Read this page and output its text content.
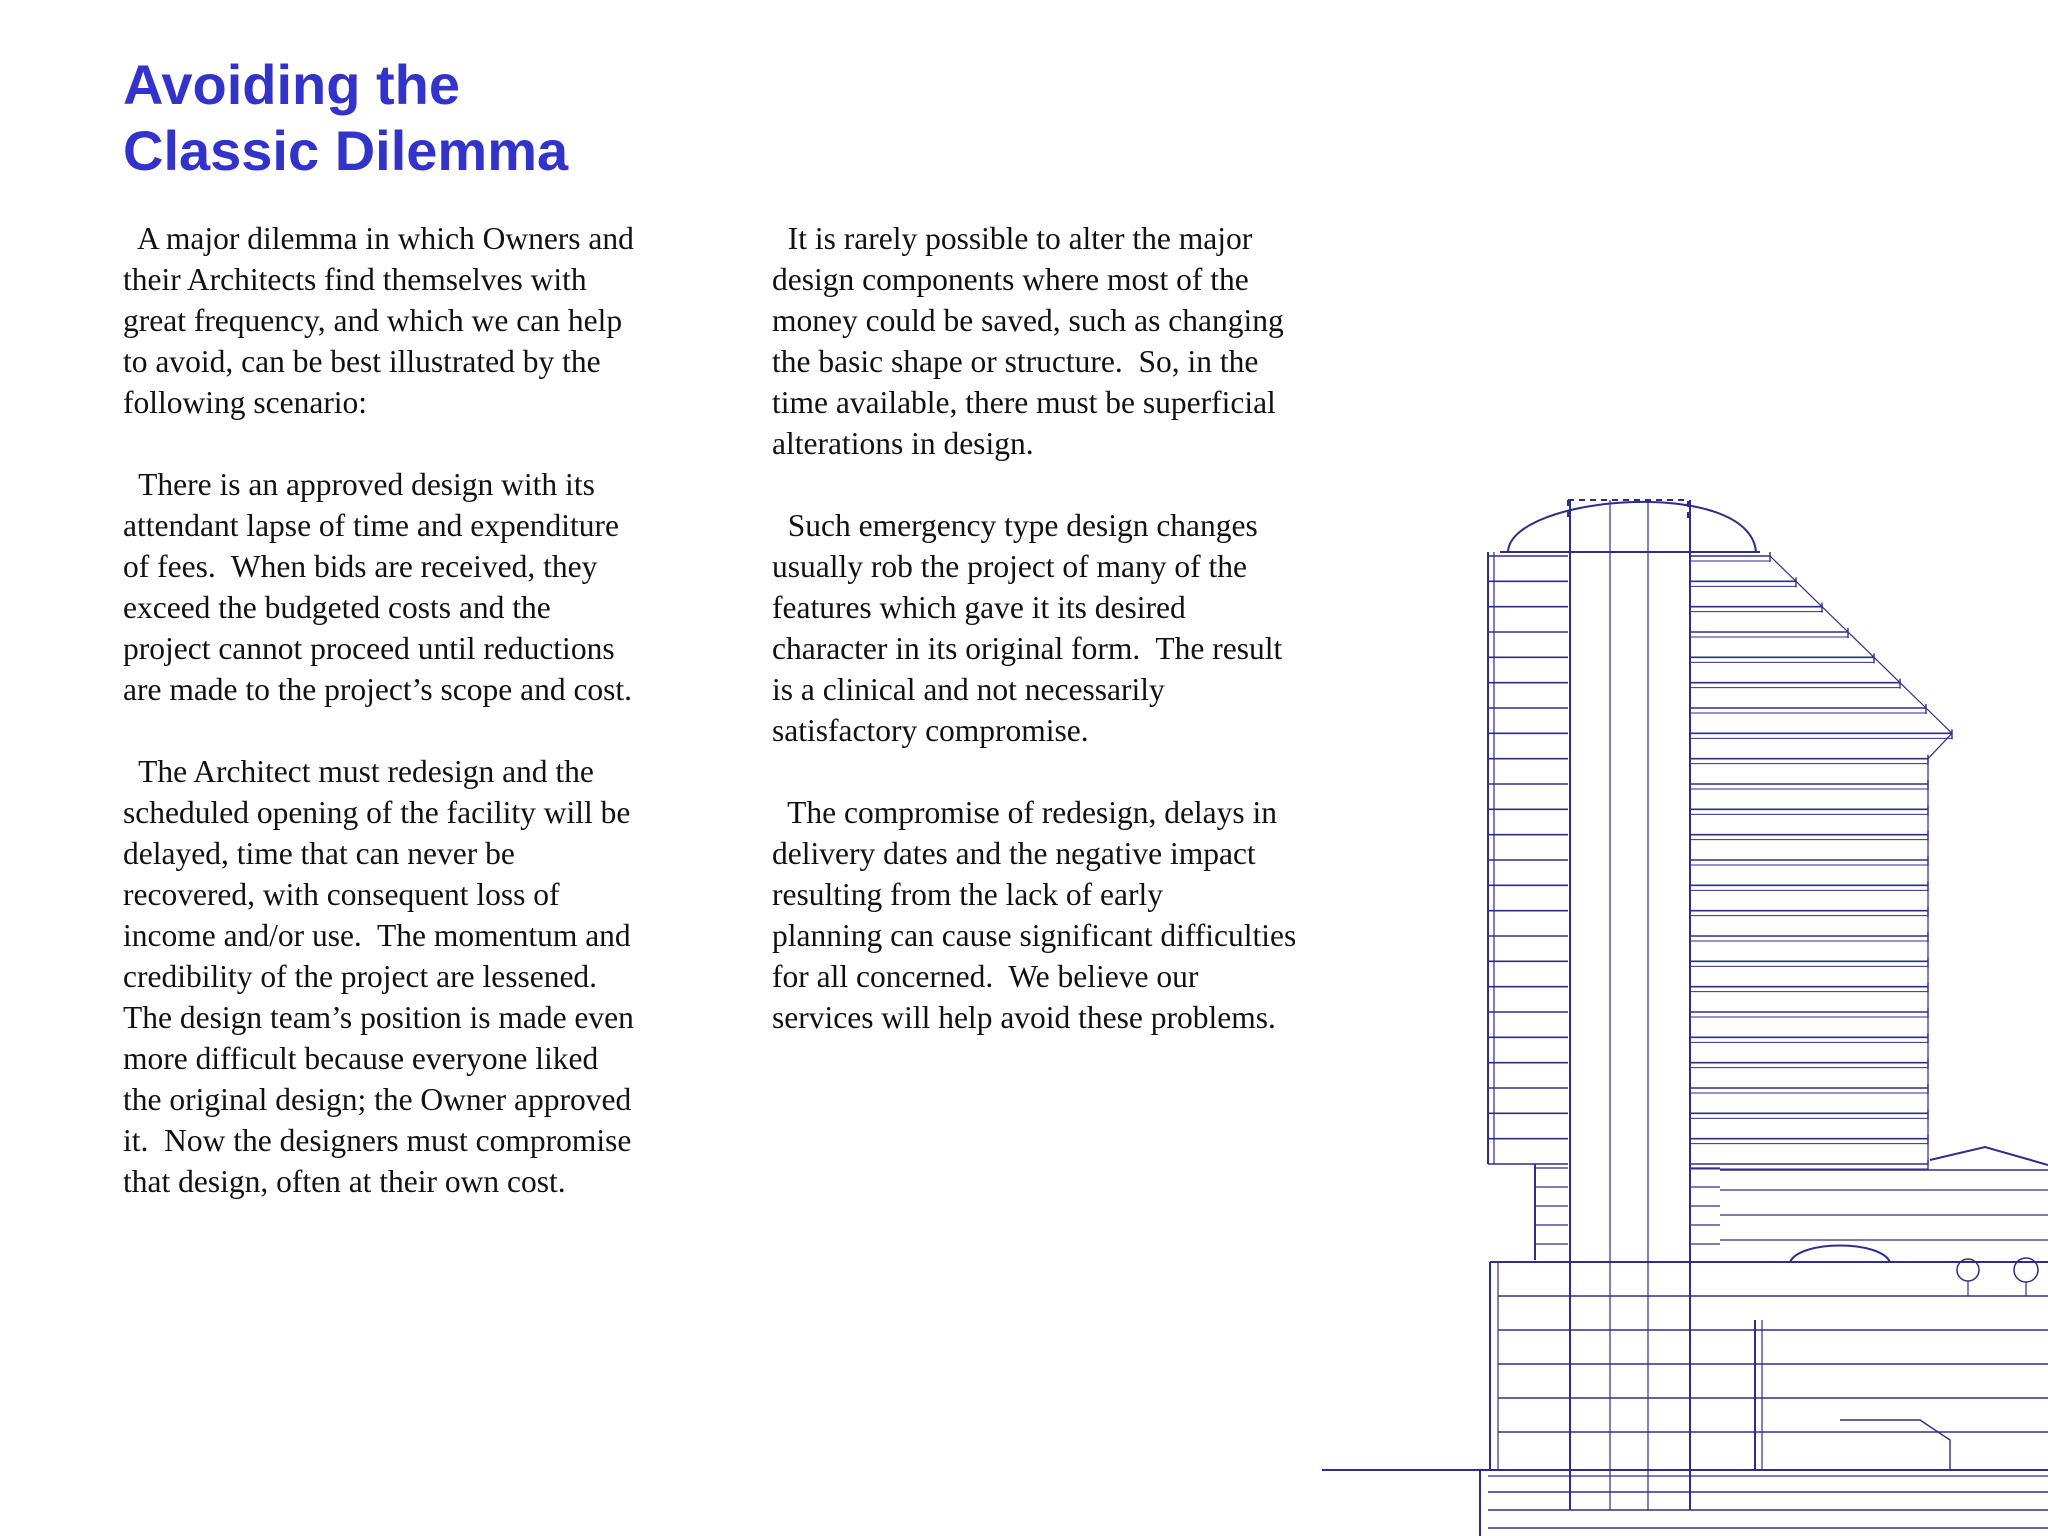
Avoiding the
Classic Dilemma

A major dilemma in which Owners and
their Architects find themselves with
great frequency, and which we can help
to avoid, can be best illustrated by the
following scenario:

There is an approved design with its
attendant lapse of time and expenditure
of fees.  When bids are received, they
exceed the budgeted costs and the
project cannot proceed until reductions
are made to the project’s scope and cost.

The Architect must redesign and the
scheduled opening of the facility will be
delayed, time that can never be
recovered, with consequent loss of
income and/or use.  The momentum and
credibility of the project are lessened.
The design team’s position is made even
more difficult because everyone liked
the original design; the Owner approved
it.  Now the designers must compromise
that design, often at their own cost.

It is rarely possible to alter the major
design components where most of the
money could be saved, such as changing
the basic shape or structure.  So, in the
time available, there must be superficial
alterations in design.

Such emergency type design changes
usually rob the project of many of the
features which gave it its desired
character in its original form.  The result
is a clinical and not necessarily
satisfactory compromise.

The compromise of redesign, delays in
delivery dates and the negative impact
resulting from the lack of early
planning can cause significant difficulties
for all concerned.  We believe our
services will help avoid these problems.
